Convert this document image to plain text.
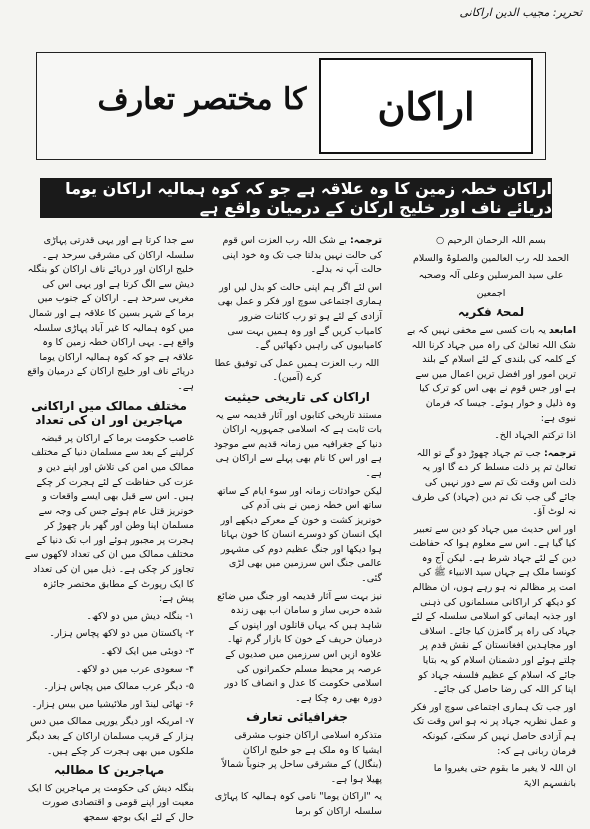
تحریر: مجیب الدین اراکانی
اراکان
کا مختصر تعارف
اراکان خطہ زمین کا وہ علاقہ ہے جو کہ کوہ ہمالیہ اراکان یوما دریائے ناف اور خلیج ارکان کے درمیان واقع ہے

بسم اللہ الرحمان الرحیم ○

الحمد للہ رب العالمین والصلوۃ والسلام

علی سید المرسلین وعلی آلہ وصحبہ

اجمعین

لمحۂ فکریہ

امابعد یہ بات کسی سے مخفی نہیں کہ بے شک اللہ تعالیٰ کی راہ میں جہاد کرنا اللہ کے کلمہ کی بلندی کے لئے اسلام کے بلند ترین امور اور افضل ترین اعمال میں سے ہے اور جس قوم نے بھی اس کو ترک کیا وہ ذلیل و خوار ہوئے۔ جیسا کہ فرمان نبوی ہے:

اذا ترکتم الجہاد الخ۔

ترجمہ: جب تم جہاد چھوڑ دو گے تو اللہ تعالیٰ تم پر ذلت مسلط کر دے گا اور یہ ذلت اس وقت تک تم سے دور نہیں کی جائے گی جب تک تم دین (جہاد) کی طرف نہ لوٹ آؤ۔

اور اس حدیث میں جہاد کو دین سے تعبیر کیا گیا ہے۔ اس سے معلوم ہوا کہ حفاظت دین کے لئے جہاد شرط ہے۔ لیکن آج وہ کونسا ملک ہے جہاں سید الانبیاء ﷺ کی امت پر مظالم نہ ہو رہے ہوں، ان مظالم کو دیکھ کر اراکانی مسلمانوں کی ذہنی اور جذبہ ایمانی کو اسلامی سلسلہ کے لئے جہاد کی راہ پر گامزن کیا جائے۔ اسلاف اور مجاہدین افغانستان کے نقش قدم پر چلتے ہوئے اور دشمنان اسلام کو یہ بتایا جائے کہ اسلام کے عظیم فلسفہ جہاد کو اپنا کر اللہ کی رضا حاصل کی جائے۔

اور جب تک ہماری اجتماعی سوچ اور فکر و عمل نظریہ جہاد پر نہ ہو اس وقت تک ہم آزادی حاصل نہیں کر سکتے، کیونکہ فرمان ربانی ہے کہ:

ان اللہ لا یغیر ما بقوم حتی یغیروا ما بانفسہم الایۃ

ترجمہ: بے شک اللہ رب العزت اس قوم کی حالت نہیں بدلتا جب تک وہ خود اپنی حالت آپ نہ بدلے۔

اس لئے اگر ہم اپنی حالت کو بدل لیں اور ہماری اجتماعی سوچ اور فکر و عمل بھی آزادی کے لئے ہو تو رب کائنات ضرور کامیاب کریں گے اور وہ ہمیں بہت سی کامیابیوں کی راہیں دکھائیں گے۔

اللہ رب العزت ہمیں عمل کی توفیق عطا کرے (آمین)۔

اراکان کی تاریخی حیثیت

مستند تاریخی کتابوں اور آثار قدیمہ سے یہ بات ثابت ہے کہ اسلامی جمہوریہ اراکان دنیا کے جغرافیہ میں زمانہ قدیم سے موجود ہے اور اس کا نام بھی پہلے سے اراکان ہی ہے۔

لیکن حوادثات زمانہ اور سوء ایام کے ساتھ ساتھ اس خطہ زمین نے بنی آدم کی خونریز کشت و خون کے معرکے دیکھے اور ایک انسان کو دوسرے انسان کا خون بہاتا ہوا دیکھا اور جنگ عظیم دوم کی مشہور عالمی جنگ اس سرزمین میں بھی لڑی گئی۔

نیز بہت سے آثار قدیمہ اور جنگ میں ضائع شدہ حربی ساز و سامان اب بھی زندہ شاہد ہیں کہ یہاں قاتلوں اور اپنوں کے درمیان حریف کے خون کا بازار گرم تھا۔ علاوہ ازیں اس سرزمین میں صدیوں کے عرصہ پر محیط مسلم حکمرانوں کی اسلامی حکومت کا عدل و انصاف کا دور دورہ بھی رہ چکا ہے۔

جغرافیائی تعارف

متذکرہ اسلامی اراکان جنوب مشرقی ایشیا کا وہ ملک ہے جو خلیج اراکان (بنگال) کے مشرقی ساحل پر جنوباً شمالاً پھیلا ہوا ہے۔

یہ "اراکان یوما" نامی کوہ ہمالیہ کا پہاڑی سلسلہ اراکان کو برما

سے جدا کرتا ہے اور یہی قدرتی پہاڑی سلسلہ اراکان کی مشرقی سرحد ہے۔ خلیج اراکان اور دریائے ناف اراکان کو بنگلہ دیش سے الگ کرتا ہے اور یہی اس کی مغربی سرحد ہے۔ اراکان کے جنوب میں برما کے شہر بسین کا علاقہ ہے اور شمال میں کوہ ہمالیہ کا غیر آباد پہاڑی سلسلہ واقع ہے۔ یہی اراکان خطہ زمین کا وہ علاقہ ہے جو کہ کوہ ہمالیہ اراکان یوما دریائے ناف اور خلیج اراکان کے درمیان واقع ہے۔

مختلف ممالک میں اراکانی مہاجرین اور ان کی تعداد

غاصب حکومت برما کے اراکان پر قبضہ کرلینے کے بعد سے مسلمان دنیا کے مختلف ممالک میں امن کی تلاش اور اپنے دین و عزت کی حفاظت کے لئے ہجرت کر چکے ہیں۔ اس سے قبل بھی ایسے واقعات و خونریز قتل عام ہوئے جس کی وجہ سے مسلمان اپنا وطن اور گھر بار چھوڑ کر ہجرت پر مجبور ہوئے اور اب تک دنیا کے مختلف ممالک میں ان کی تعداد لاکھوں سے تجاوز کر چکی ہے۔ ذیل میں ان کی تعداد کا ایک رپورٹ کے مطابق مختصر جائزہ پیش ہے:

۱- بنگلہ دیش میں دو لاکھ۔

۲- پاکستان میں دو لاکھ پچاس ہزار۔

۳- دوبئی میں ایک لاکھ۔

۴- سعودی عرب میں دو لاکھ۔

۵- دیگر عرب ممالک میں پچاس ہزار۔

۶- تھائی لینڈ اور ملائیشیا میں بیس ہزار۔

۷- امریکہ اور دیگر یورپی ممالک میں دس ہزار کے قریب مسلمان اراکان کے بعد دیگر ملکوں میں بھی ہجرت کر چکے ہیں۔

مہاجرین کا مطالبہ

بنگلہ دیش کی حکومت پر مہاجرین کا ایک معیت اور اپنے قومی و اقتصادی صورت حال کے لئے ایک بوجھ سمجھ
